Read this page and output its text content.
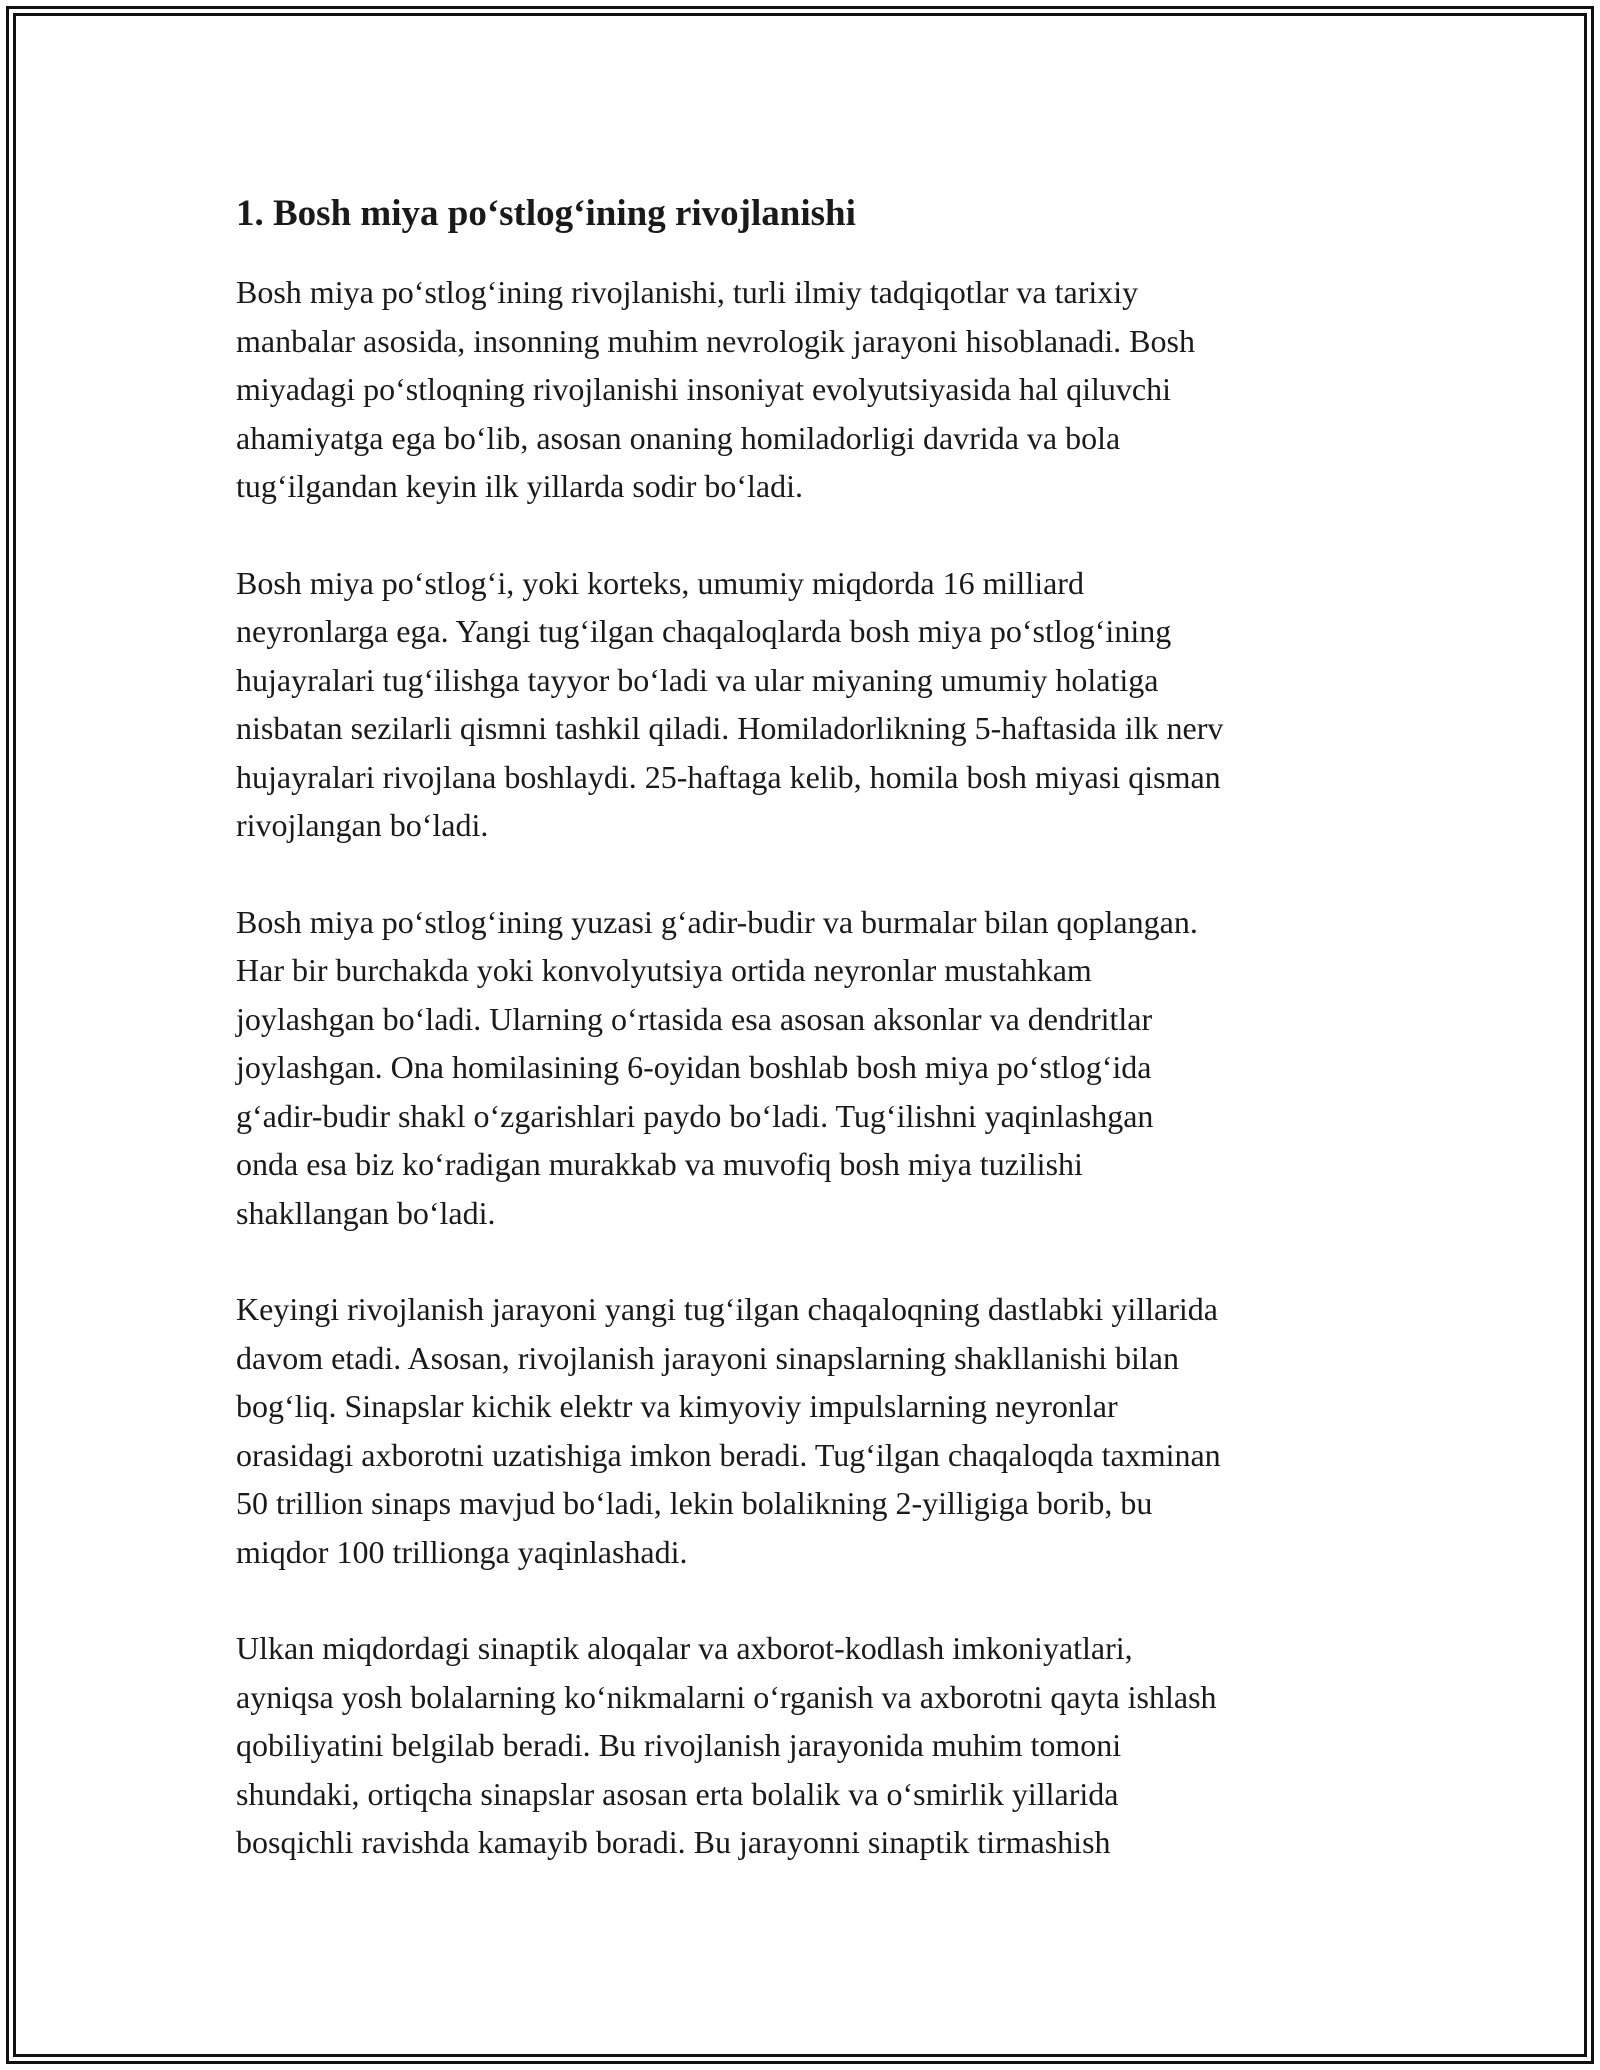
1. Bosh miya po‘stlog‘ining rivojlanishi

Bosh miya po‘stlog‘ining rivojlanishi, turli ilmiy tadqiqotlar va tarixiy
manbalar asosida, insonning muhim nevrologik jarayoni hisoblanadi. Bosh
miyadagi po‘stloqning rivojlanishi insoniyat evolyutsiyasida hal qiluvchi
ahamiyatga ega bo‘lib, asosan onaning homiladorligi davrida va bola
tug‘ilgandan keyin ilk yillarda sodir bo‘ladi.

Bosh miya po‘stlog‘i, yoki korteks, umumiy miqdorda 16 milliard
neyronlarga ega. Yangi tug‘ilgan chaqaloqlarda bosh miya po‘stlog‘ining
hujayralari tug‘ilishga tayyor bo‘ladi va ular miyaning umumiy holatiga
nisbatan sezilarli qismni tashkil qiladi. Homiladorlikning 5-haftasida ilk nerv
hujayralari rivojlana boshlaydi. 25-haftaga kelib, homila bosh miyasi qisman
rivojlangan bo‘ladi.

Bosh miya po‘stlog‘ining yuzasi g‘adir-budir va burmalar bilan qoplangan.
Har bir burchakda yoki konvolyutsiya ortida neyronlar mustahkam
joylashgan bo‘ladi. Ularning o‘rtasida esa asosan aksonlar va dendritlar
joylashgan. Ona homilasining 6-oyidan boshlab bosh miya po‘stlog‘ida
g‘adir-budir shakl o‘zgarishlari paydo bo‘ladi. Tug‘ilishni yaqinlashgan
onda esa biz ko‘radigan murakkab va muvofiq bosh miya tuzilishi
shakllangan bo‘ladi.

Keyingi rivojlanish jarayoni yangi tug‘ilgan chaqaloqning dastlabki yillarida
davom etadi. Asosan, rivojlanish jarayoni sinapslarning shakllanishi bilan
bog‘liq. Sinapslar kichik elektr va kimyoviy impulslarning neyronlar
orasidagi axborotni uzatishiga imkon beradi. Tug‘ilgan chaqaloqda taxminan
50 trillion sinaps mavjud bo‘ladi, lekin bolalikning 2-yilligiga borib, bu
miqdor 100 trillionga yaqinlashadi.

Ulkan miqdordagi sinaptik aloqalar va axborot-kodlash imkoniyatlari,
ayniqsa yosh bolalarning ko‘nikmalarni o‘rganish va axborotni qayta ishlash
qobiliyatini belgilab beradi. Bu rivojlanish jarayonida muhim tomoni
shundaki, ortiqcha sinapslar asosan erta bolalik va o‘smirlik yillarida
bosqichli ravishda kamayib boradi. Bu jarayonni sinaptik tirmashish
